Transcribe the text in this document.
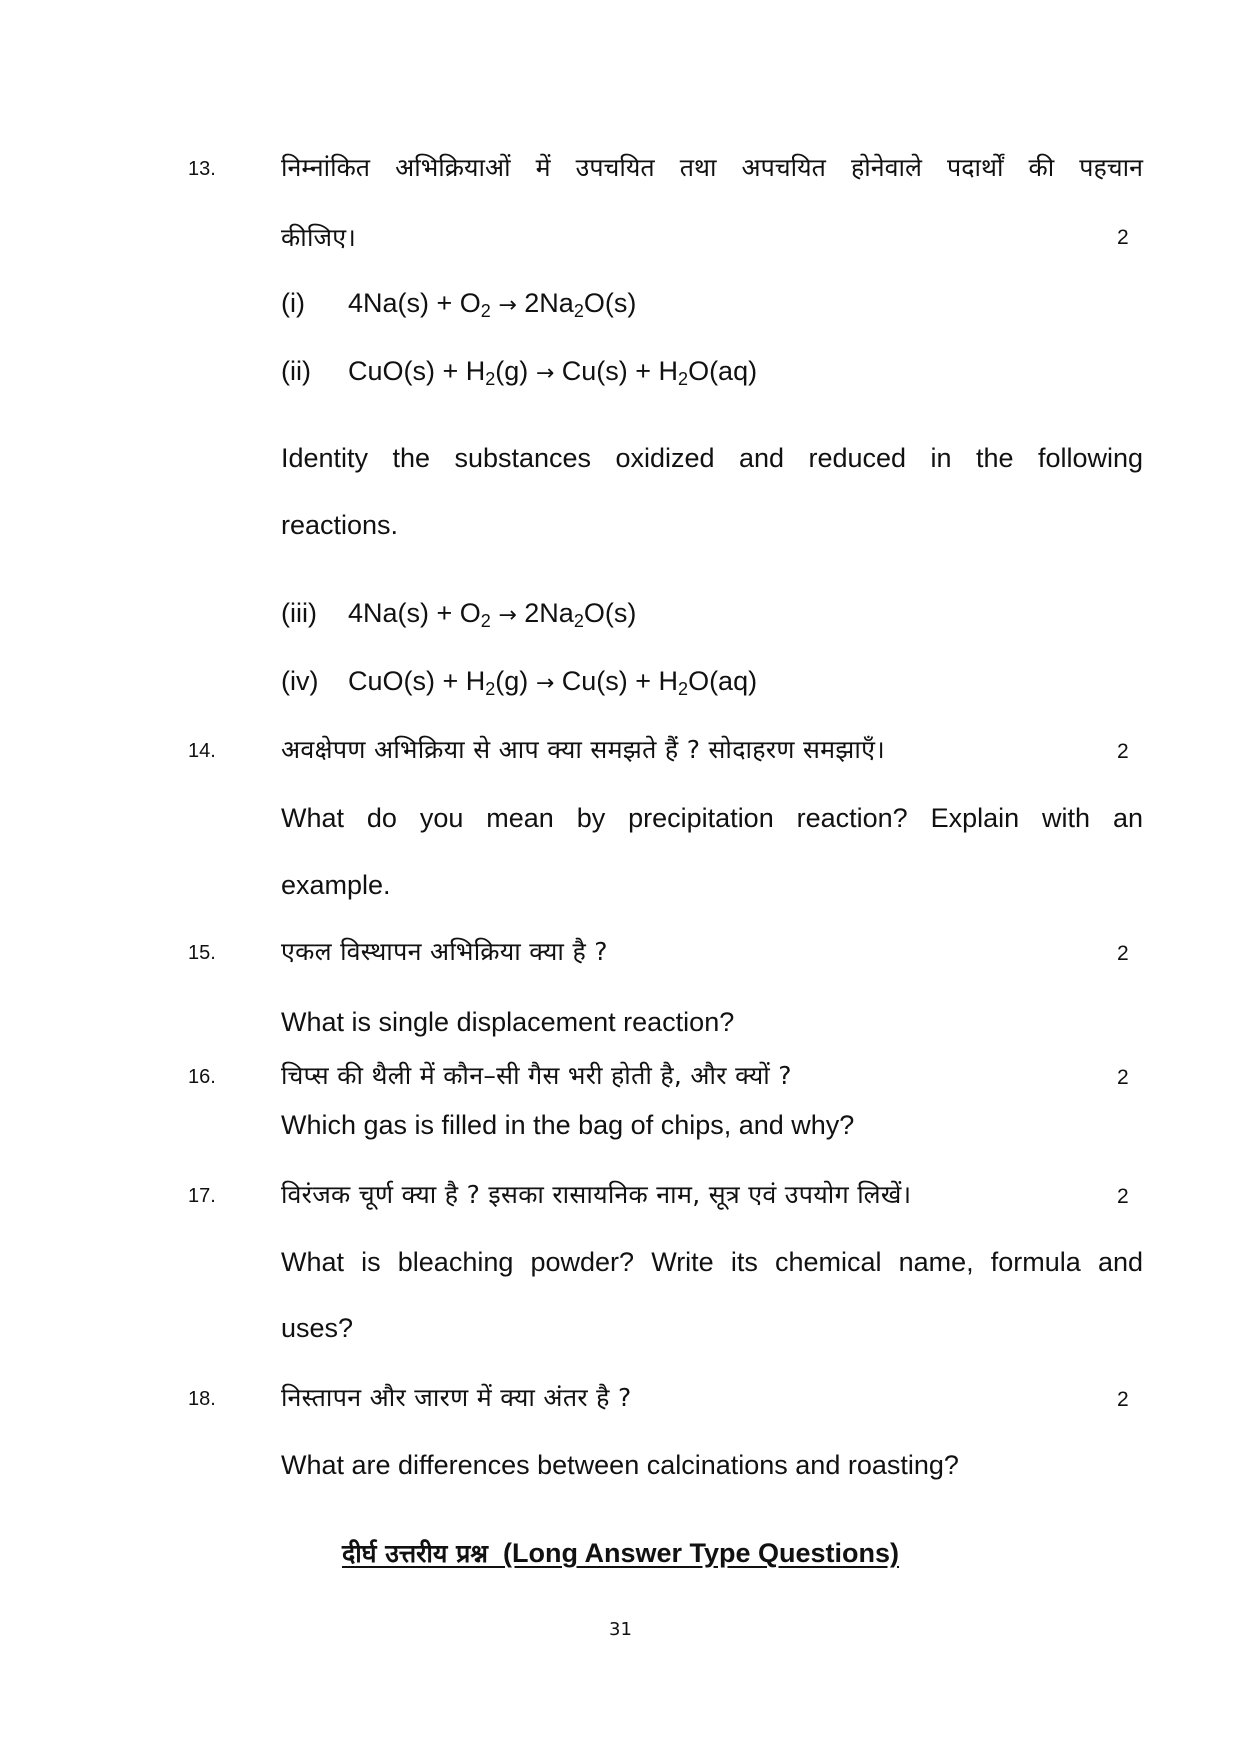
13.	निम्नांकित अभिक्रियाओं में उपचयित तथा अपचयित होनेवाले पदार्थों की पहचान
कीजिए।	2
(i) $4Na(s) + O_2 \to 2Na_2O(s)$
(ii) $CuO(s) + H_2(g) \to Cu(s) + H_2O(aq)$
Identity the substances oxidized and reduced in the following
reactions.
(iii) $4Na(s) + O_2 \to 2Na_2O(s)$
(iv) $CuO(s) + H_2(g) \to Cu(s) + H_2O(aq)$
14.	अवक्षेपण अभिक्रिया से आप क्या समझते हैं ? सोदाहरण समझाएँ।	2
What do you mean by precipitation reaction? Explain with an
example.
15.	एकल विस्थापन अभिक्रिया क्या है ?	2
What is single displacement reaction?
16.	चिप्स की थैली में कौन–सी गैस भरी होती है, और क्यों ?	2
Which gas is filled in the bag of chips, and why?
17.	विरंजक चूर्ण क्या है ? इसका रासायनिक नाम, सूत्र एवं उपयोग लिखें।	2
What is bleaching powder? Write its chemical name, formula and
uses?
18.	निस्तापन और जारण में क्या अंतर है ?	2
What are differences between calcinations and roasting?
दीर्घ उत्तरीय प्रश्न (Long Answer Type Questions)
31
